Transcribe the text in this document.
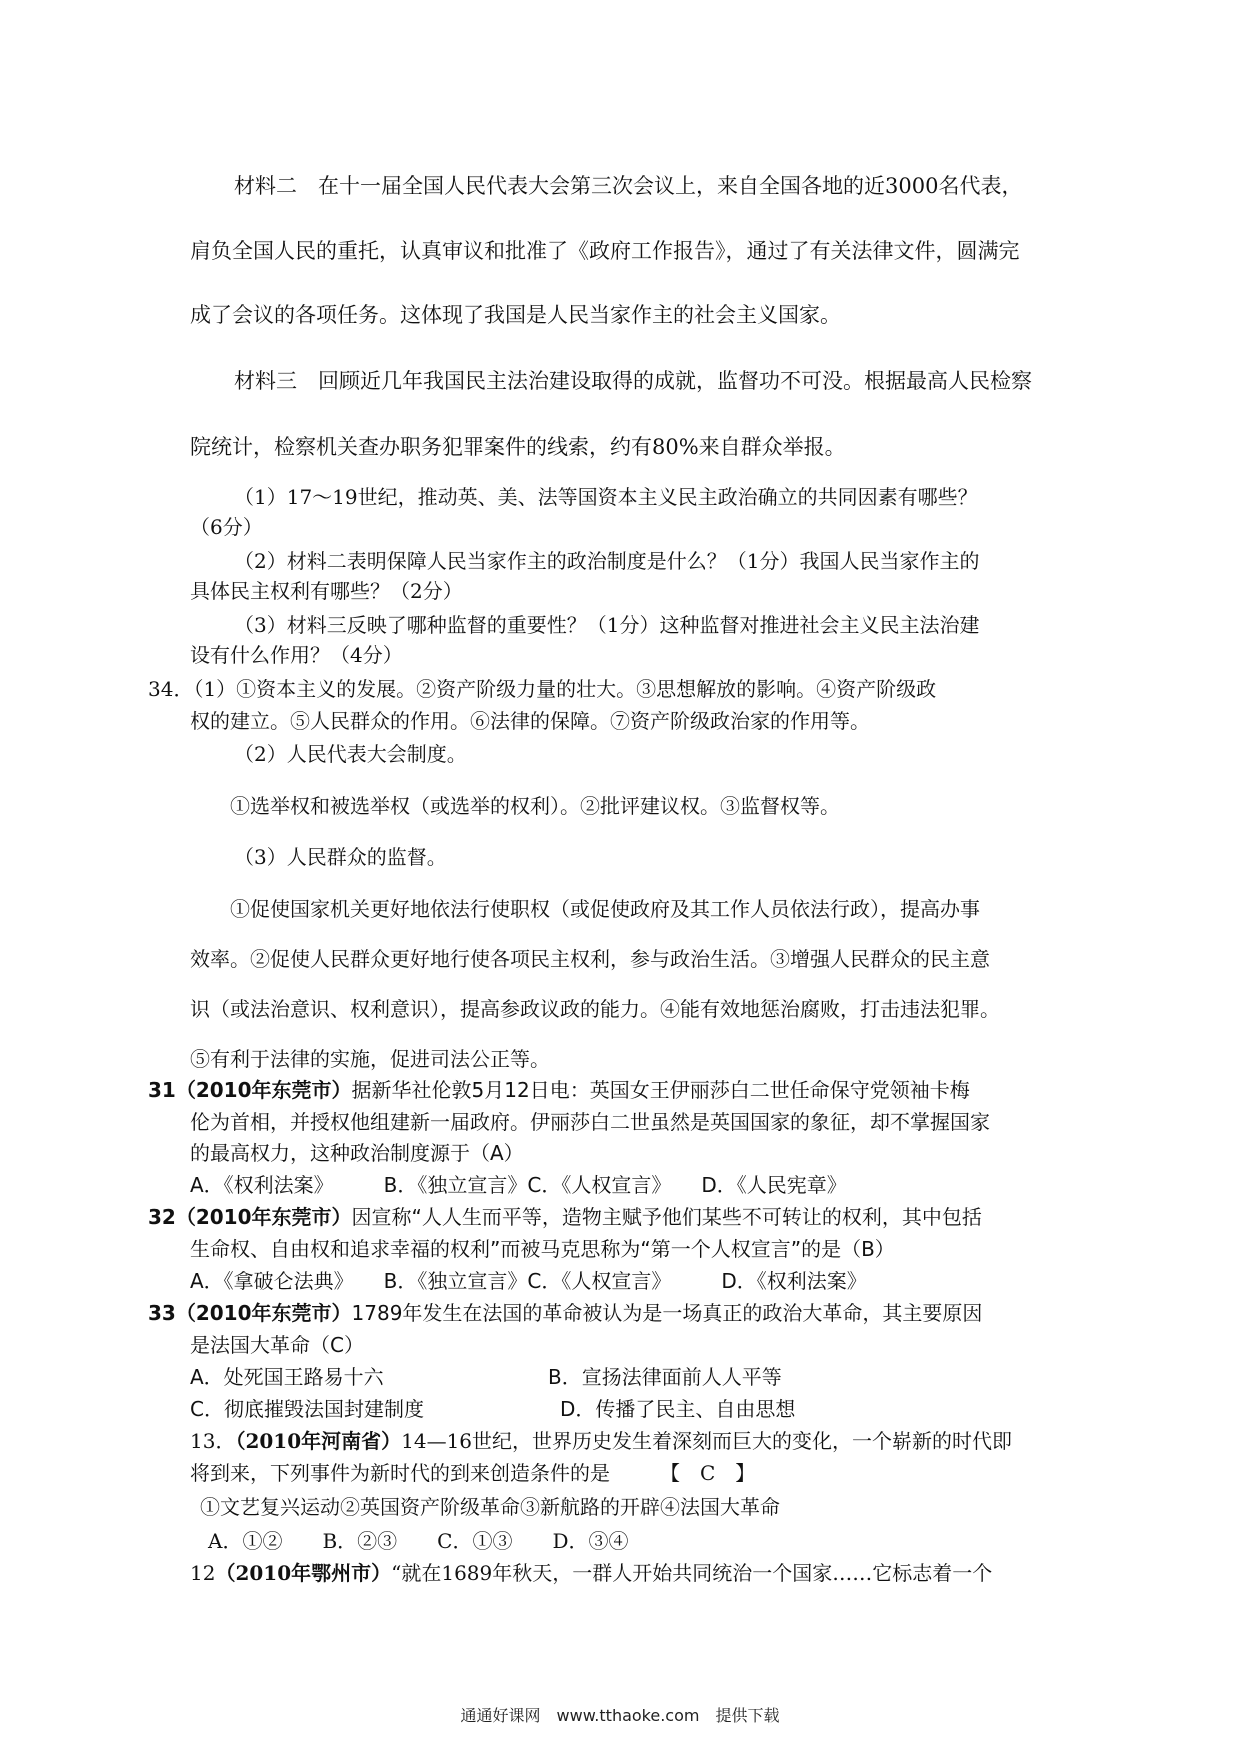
材料二　在十一届全国人民代表大会第三次会议上，来自全国各地的近3000名代表，
肩负全国人民的重托，认真审议和批准了《政府工作报告》，通过了有关法律文件，圆满完
成了会议的各项任务。这体现了我国是人民当家作主的社会主义国家。
材料三　回顾近几年我国民主法治建设取得的成就，监督功不可没。根据最高人民检察
院统计，检察机关查办职务犯罪案件的线索，约有80%来自群众举报。
（1）17～19世纪，推动英、美、法等国资本主义民主政治确立的共同因素有哪些？
（6分）
（2）材料二表明保障人民当家作主的政治制度是什么？（1分）我国人民当家作主的
具体民主权利有哪些？（2分）
（3）材料三反映了哪种监督的重要性？（1分）这种监督对推进社会主义民主法治建
设有什么作用？（4分）
34．（1）①资本主义的发展。②资产阶级力量的壮大。③思想解放的影响。④资产阶级政
权的建立。⑤人民群众的作用。⑥法律的保障。⑦资产阶级政治家的作用等。
（2）人民代表大会制度。
①选举权和被选举权（或选举的权利）。②批评建议权。③监督权等。
（3）人民群众的监督。
①促使国家机关更好地依法行使职权（或促使政府及其工作人员依法行政），提高办事
效率。②促使人民群众更好地行使各项民主权利，参与政治生活。③增强人民群众的民主意
识（或法治意识、权利意识），提高参政议政的能力。④能有效地惩治腐败，打击违法犯罪。
⑤有利于法律的实施，促进司法公正等。
31（2010年东莞市）据新华社伦敦5月12日电：英国女王伊丽莎白二世任命保守党领袖卡梅
伦为首相，并授权他组建新一届政府。伊丽莎白二世虽然是英国国家的象征，却不掌握国家
的最高权力，这种政治制度源于（A）
A．《权利法案》　　　B．《独立宣言》C．《人权宣言》　　D．《人民宪章》
32（2010年东莞市）因宣称“人人生而平等，造物主赋予他们某些不可转让的权利，其中包括
生命权、自由权和追求幸福的权利”而被马克思称为“第一个人权宣言”的是（B）
A．《拿破仑法典》　　B．《独立宣言》C．《人权宣言》　　　D．《权利法案》
33（2010年东莞市）1789年发生在法国的革命被认为是一场真正的政治大革命，其主要原因
是法国大革命（C）
A．处死国王路易十六	B．宣扬法律面前人人平等
C．彻底摧毁法国封建制度	D．传播了民主、自由思想
13．（2010年河南省）14—16世纪，世界历史发生着深刻而巨大的变化，一个崭新的时代即
将到来，下列事件为新时代的到来创造条件的是　　　【　C　】
①文艺复兴运动②英国资产阶级革命③新航路的开辟④法国大革命
A．①②　　B．②③　　C．①③　　D．③④
12（2010年鄂州市）“就在1689年秋天，一群人开始共同统治一个国家……它标志着一个
通通好课网　www.tthaoke.com　提供下载
